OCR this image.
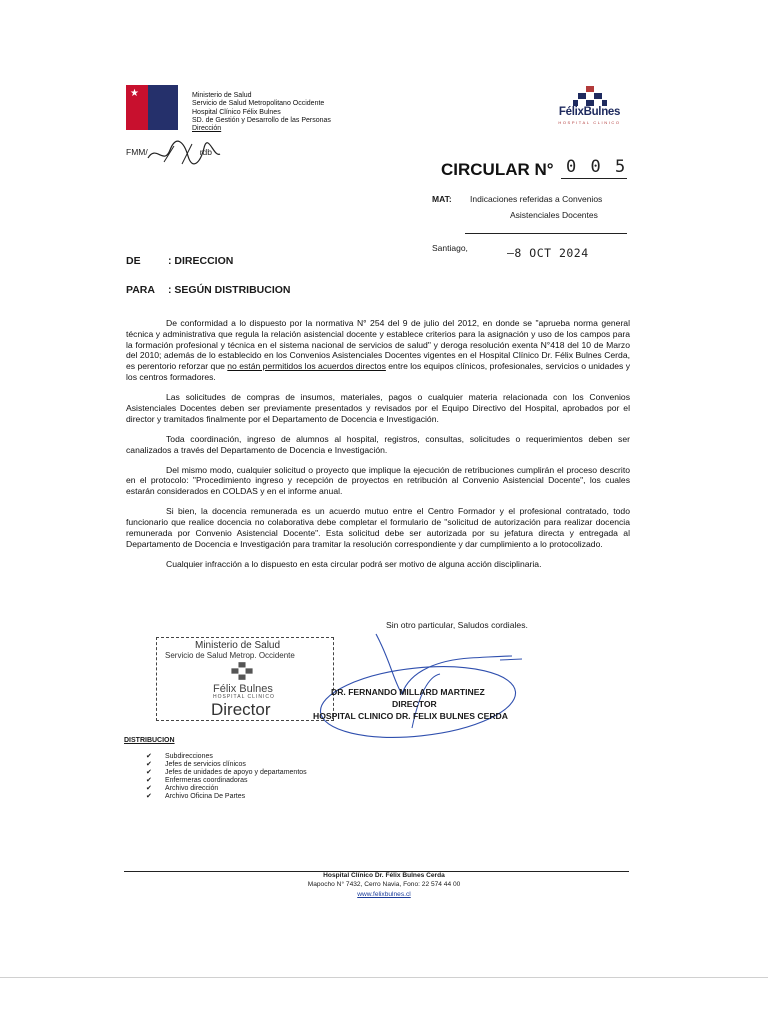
★
	Ministerio de Salud
Servicio de Salud Metropolitano Occidente
Hospital Clínico Félix Bulnes
SD. de Gestión y Desarrollo de las Personas
Dirección
FMM/	rdb
FélixBulnes
HOSPITAL CLINICO
CIRCULAR N° 0 0 5
MAT: Indicaciones referidas a Convenios
Asistenciales Docentes
Santiago,	–8 OCT 2024
DE	: DIRECCION
PARA : SEGÚN DISTRIBUCION

De conformidad a lo dispuesto por la normativa N° 254 del 9 de julio del 2012, en donde se "aprueba norma general técnica y administrativa que regula la relación asistencial docente y establece criterios para la asignación y uso de los campos para la formación profesional y técnica en el sistema nacional de servicios de salud" y deroga resolución exenta N°418 del 10 de Marzo del 2010; además de lo establecido en los Convenios Asistenciales Docentes vigentes en el Hospital Clínico Dr. Félix Bulnes Cerda, es perentorio reforzar que no están permitidos los acuerdos directos entre los equipos clínicos, profesionales, servicios o unidades y los centros formadores.

Las solicitudes de compras de insumos, materiales, pagos o cualquier materia relacionada con los Convenios Asistenciales Docentes deben ser previamente presentados y revisados por el Equipo Directivo del Hospital, aprobados por el director y tramitados finalmente por el Departamento de Docencia e Investigación.

Toda coordinación, ingreso de alumnos al hospital, registros, consultas, solicitudes o requerimientos deben ser canalizados a través del Departamento de Docencia e Investigación.

Del mismo modo, cualquier solicitud o proyecto que implique la ejecución de retribuciones cumplirán el proceso descrito en el protocolo: "Procedimiento ingreso y recepción de proyectos en retribución al Convenio Asistencial Docente", los cuales estarán considerados en COLDAS y en el informe anual.

Si bien, la docencia remunerada es un acuerdo mutuo entre el Centro Formador y el profesional contratado, todo funcionario que realice docencia no colaborativa debe completar el formulario de "solicitud de autorización para realizar docencia remunerada por Convenio Asistencial Docente". Esta solicitud debe ser autorizada por su jefatura directa y entregada al Departamento de Docencia e Investigación para tramitar la resolución correspondiente y dar cumplimiento a lo protocolizado.

Cualquier infracción a lo dispuesto en esta circular podrá ser motivo de alguna acción disciplinaria.

Sin otro particular, Saludos cordiales.
Ministerio de Salud
Servicio de Salud Metrop. Occidente
Félix Bulnes
HOSPITAL CLINICO
Director
DR. FERNANDO MILLARD MARTINEZ
DIRECTOR
HOSPITAL CLINICO DR. FELIX BULNES CERDA
DISTRIBUCION
✔ Subdirecciones
✔ Jefes de servicios clínicos
✔ Jefes de unidades de apoyo y departamentos
✔ Enfermeras coordinadoras
✔ Archivo dirección
✔ Archivo Oficina De Partes
Hospital Clínico Dr. Félix Bulnes Cerda
Mapocho N° 7432, Cerro Navia, Fono: 22 574 44 00
www.felixbulnes.cl
